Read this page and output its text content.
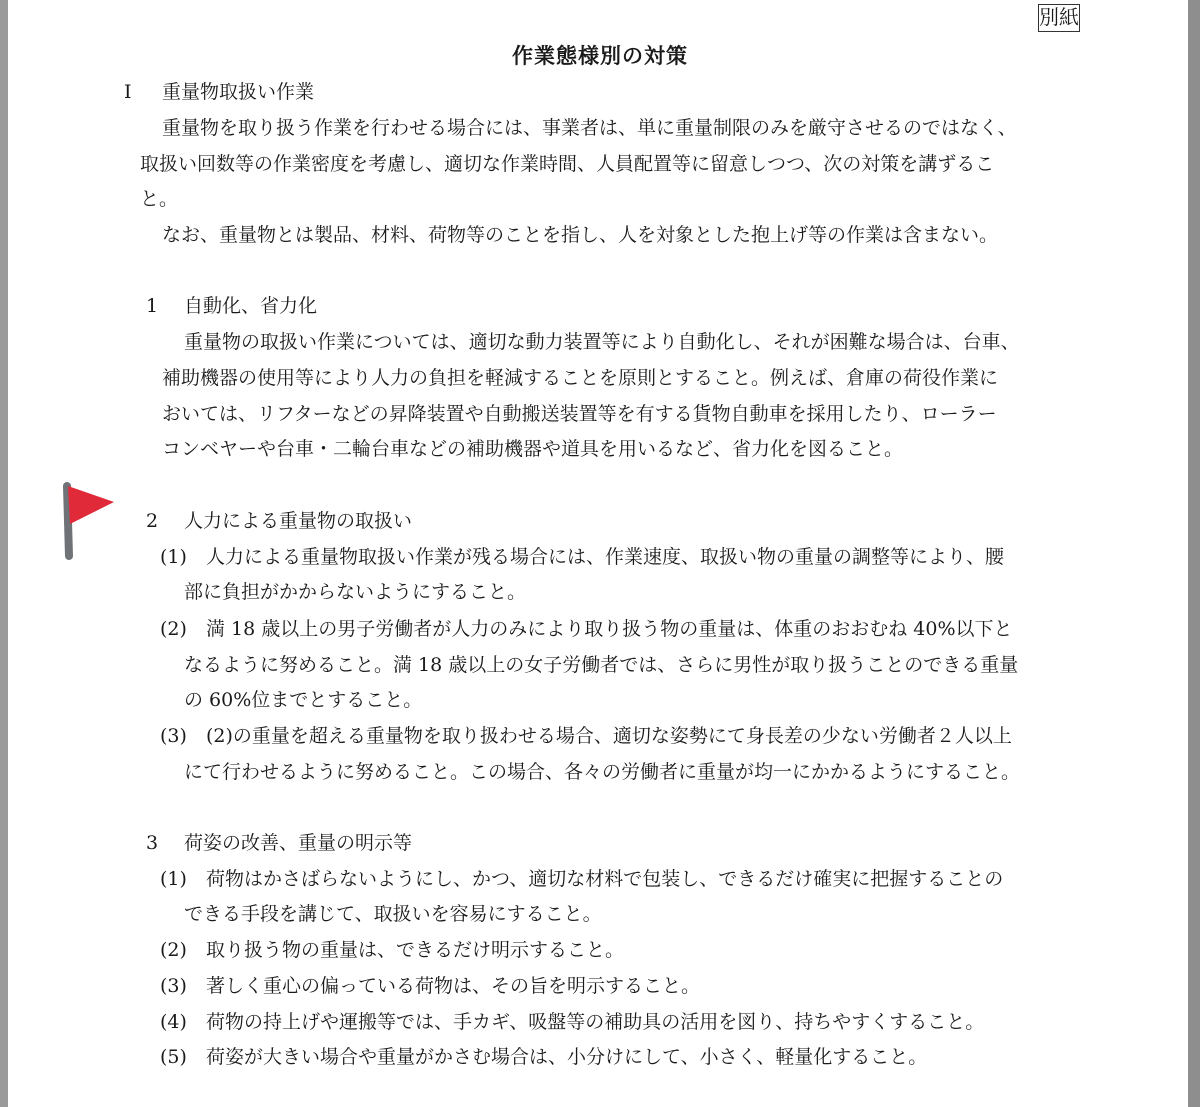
別紙
作業態様別の対策
I 重量物取扱い作業
重量物を取り扱う作業を行わせる場合には、事業者は、単に重量制限のみを厳守させるのではなく、
取扱い回数等の作業密度を考慮し、適切な作業時間、人員配置等に留意しつつ、次の対策を講ずるこ
と。
なお、重量物とは製品、材料、荷物等のことを指し、人を対象とした抱上げ等の作業は含まない。
1 自動化、省力化
重量物の取扱い作業については、適切な動力装置等により自動化し、それが困難な場合は、台車、
補助機器の使用等により人力の負担を軽減することを原則とすること。例えば、倉庫の荷役作業に
おいては、リフターなどの昇降装置や自動搬送装置等を有する貨物自動車を採用したり、ローラー
コンベヤーや台車・二輪台車などの補助機器や道具を用いるなど、省力化を図ること。
2 人力による重量物の取扱い
(1) 人力による重量物取扱い作業が残る場合には、作業速度、取扱い物の重量の調整等により、腰
部に負担がかからないようにすること。
(2) 満 18 歳以上の男子労働者が人力のみにより取り扱う物の重量は、体重のおおむね 40%以下と
なるように努めること。満 18 歳以上の女子労働者では、さらに男性が取り扱うことのできる重量
の 60%位までとすること。
(3) (2)の重量を超える重量物を取り扱わせる場合、適切な姿勢にて身長差の少ない労働者２人以上
にて行わせるように努めること。この場合、各々の労働者に重量が均一にかかるようにすること。
3 荷姿の改善、重量の明示等
(1) 荷物はかさばらないようにし、かつ、適切な材料で包装し、できるだけ確実に把握することの
できる手段を講じて、取扱いを容易にすること。
(2) 取り扱う物の重量は、できるだけ明示すること。
(3) 著しく重心の偏っている荷物は、その旨を明示すること。
(4) 荷物の持上げや運搬等では、手カギ、吸盤等の補助具の活用を図り、持ちやすくすること。
(5) 荷姿が大きい場合や重量がかさむ場合は、小分けにして、小さく、軽量化すること。
